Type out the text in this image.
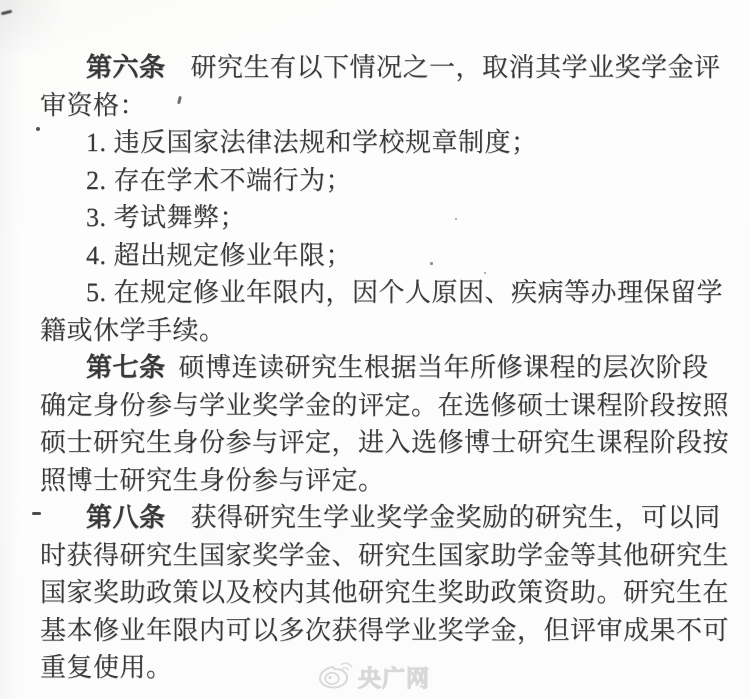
第六条 研究生有以下情况之一，取消其学业奖学金评
审资格：
1. 违反国家法律法规和学校规章制度；
2. 存在学术不端行为；
3. 考试舞弊；
4. 超出规定修业年限；
5. 在规定修业年限内，因个人原因、疾病等办理保留学
籍或休学手续。
第七条 硕博连读研究生根据当年所修课程的层次阶段
确定身份参与学业奖学金的评定。在选修硕士课程阶段按照
硕士研究生身份参与评定，进入选修博士研究生课程阶段按
照博士研究生身份参与评定。
第八条 获得研究生学业奖学金奖励的研究生，可以同
时获得研究生国家奖学金、研究生国家助学金等其他研究生
国家奖助政策以及校内其他研究生奖助政策资助。研究生在
基本修业年限内可以多次获得学业奖学金，但评审成果不可
重复使用。	央广网
